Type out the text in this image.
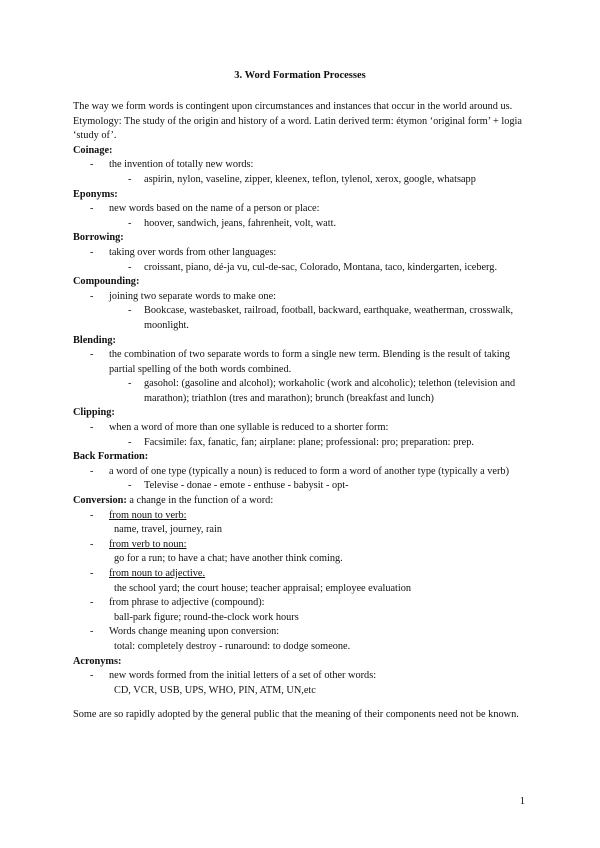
3. Word Formation Processes

The way we form words is contingent upon circumstances and instances that occur in the world around us.

Etymology: The study of the origin and history of a word. Latin derived term: étymon ‘original form’ + logia ‘study of’.

Coinage:

- the invention of totally new words:

- aspirin, nylon, vaseline, zipper, kleenex, teflon, tylenol, xerox, google, whatsapp

Eponyms:

- new words based on the name of a person or place:

- hoover, sandwich, jeans, fahrenheit, volt, watt.

Borrowing:

- taking over words from other languages:

- croissant, piano, dé-ja vu, cul-de-sac, Colorado, Montana, taco, kindergarten, iceberg.

Compounding:

- joining two separate words to make one:

- Bookcase, wastebasket, railroad, football, backward, earthquake, weatherman, crosswalk, moonlight.

Blending:

- the combination of two separate words to form a single new term. Blending is the result of taking partial spelling of the both words combined.

- gasohol: (gasoline and alcohol); workaholic (work and alcoholic); telethon (television and marathon); triathlon (tres and marathon); brunch (breakfast and lunch)

Clipping:

- when a word of more than one syllable is reduced to a shorter form:

- Facsimile: fax, fanatic, fan; airplane: plane; professional: pro; preparation: prep.

Back Formation:

- a word of one type (typically a noun) is reduced to form a word of another type (typically a verb)

- Televise - donae - emote - enthuse - babysit - opt-

Conversion: a change in the function of a word:

- from noun to verb:

name, travel, journey, rain

- from verb to noun:

go for a run; to have a chat; have another think coming.

- from noun to adjective.

the school yard; the court house; teacher appraisal; employee evaluation

- from phrase to adjective (compound):

ball-park figure; round-the-clock work hours

- Words change meaning upon conversion:

total: completely destroy - runaround: to dodge someone.

Acronyms:

- new words formed from the initial letters of a set of other words:

CD, VCR, USB, UPS, WHO, PIN, ATM, UN,etc

Some are so rapidly adopted by the general public that the meaning of their components need not be known.

1
